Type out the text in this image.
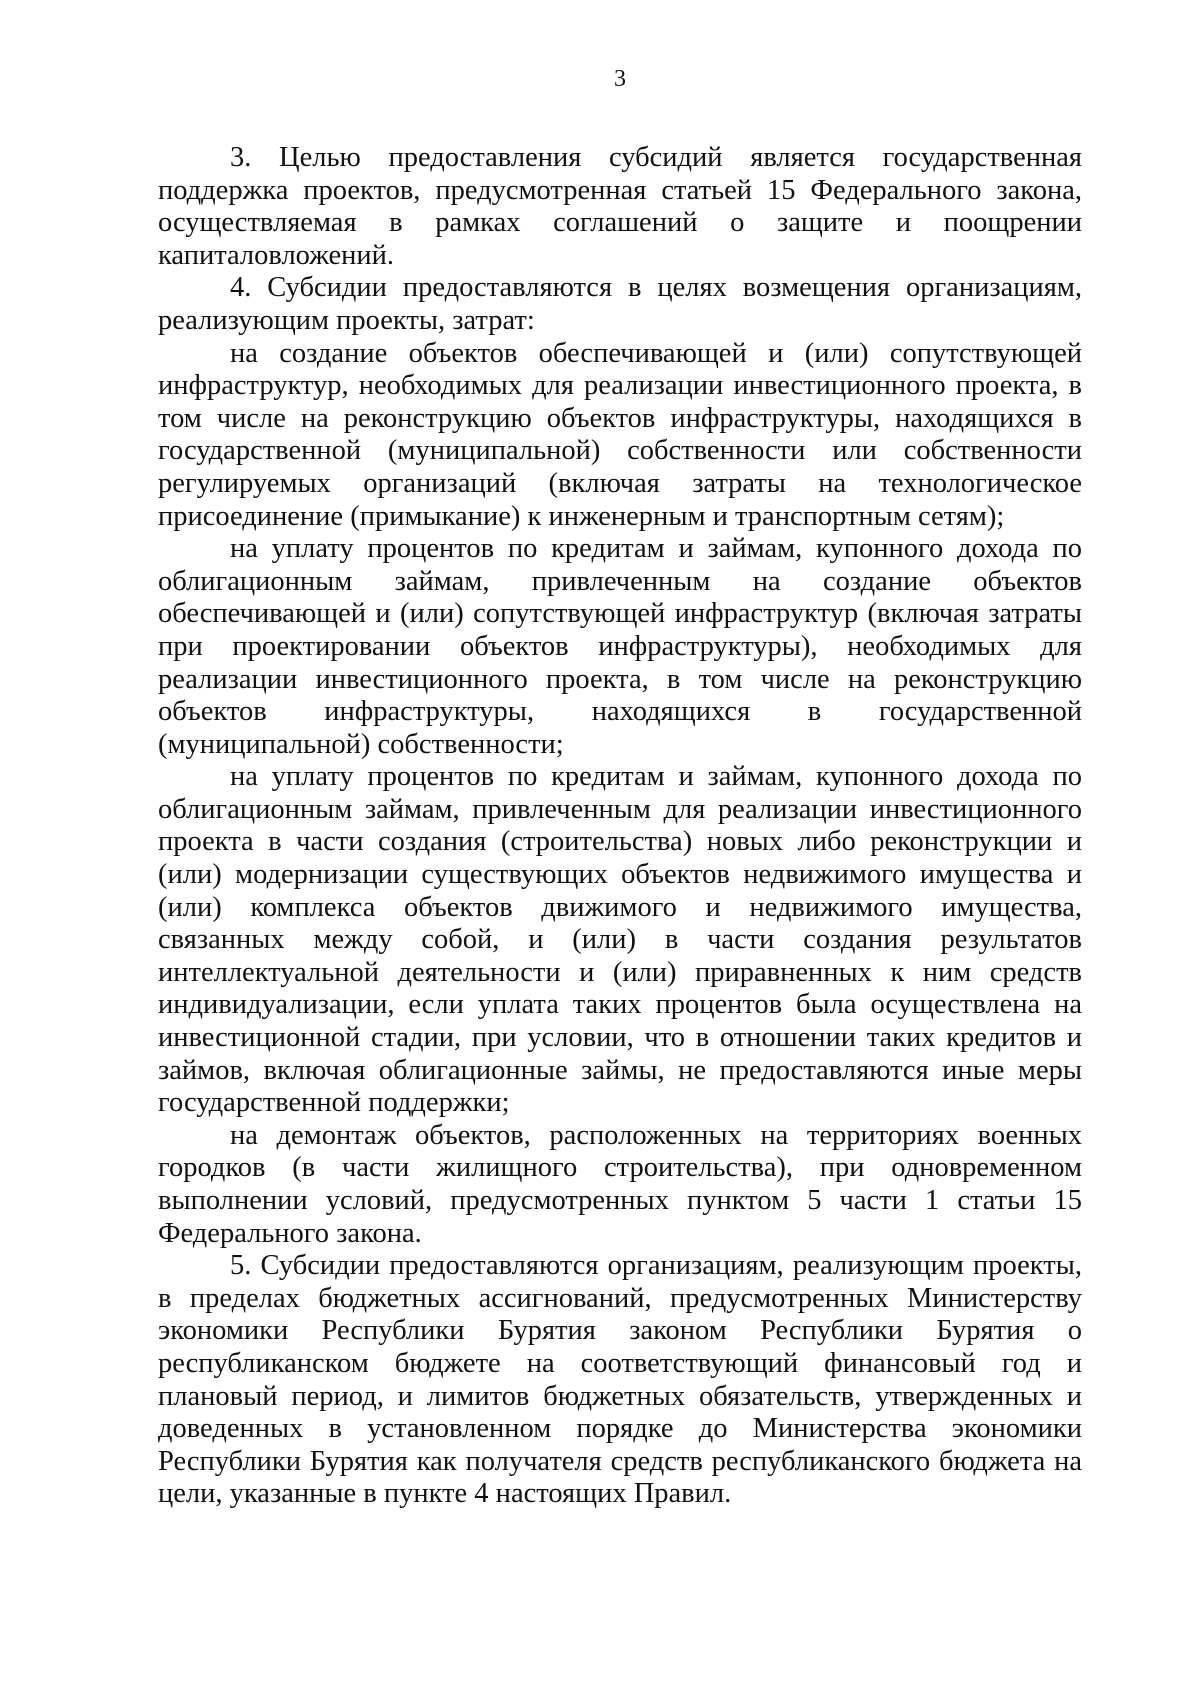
3

3. Целью предоставления субсидий является государственная поддержка проектов, предусмотренная статьей 15 Федерального закона, осуществляемая в рамках соглашений о защите и поощрении капиталовложений.

4. Субсидии предоставляются в целях возмещения организациям, реализующим проекты, затрат:

на создание объектов обеспечивающей и (или) сопутствующей инфраструктур, необходимых для реализации инвестиционного проекта, в том числе на реконструкцию объектов инфраструктуры, находящихся в государственной (муниципальной) собственности или собственности регулируемых организаций (включая затраты на технологическое присоединение (примыкание) к инженерным и транспортным сетям);

на уплату процентов по кредитам и займам, купонного дохода по облигационным займам, привлеченным на создание объектов обеспечивающей и (или) сопутствующей инфраструктур (включая затраты при проектировании объектов инфраструктуры), необходимых для реализации инвестиционного проекта, в том числе на реконструкцию объектов инфраструктуры, находящихся в государственной (муниципальной) собственности;

на уплату процентов по кредитам и займам, купонного дохода по облигационным займам, привлеченным для реализации инвестиционного проекта в части создания (строительства) новых либо реконструкции и (или) модернизации существующих объектов недвижимого имущества и (или) комплекса объектов движимого и недвижимого имущества, связанных между собой, и (или) в части создания результатов интеллектуальной деятельности и (или) приравненных к ним средств индивидуализации, если уплата таких процентов была осуществлена на инвестиционной стадии, при условии, что в отношении таких кредитов и займов, включая облигационные займы, не предоставляются иные меры государственной поддержки;

на демонтаж объектов, расположенных на территориях военных городков (в части жилищного строительства), при одновременном выполнении условий, предусмотренных пунктом 5 части 1 статьи 15 Федерального закона.

5. Субсидии предоставляются организациям, реализующим проекты, в пределах бюджетных ассигнований, предусмотренных Министерству экономики Республики Бурятия законом Республики Бурятия о республиканском бюджете на соответствующий финансовый год и плановый период, и лимитов бюджетных обязательств, утвержденных и доведенных в установленном порядке до Министерства экономики Республики Бурятия как получателя средств республиканского бюджета на цели, указанные в пункте 4 настоящих Правил.
